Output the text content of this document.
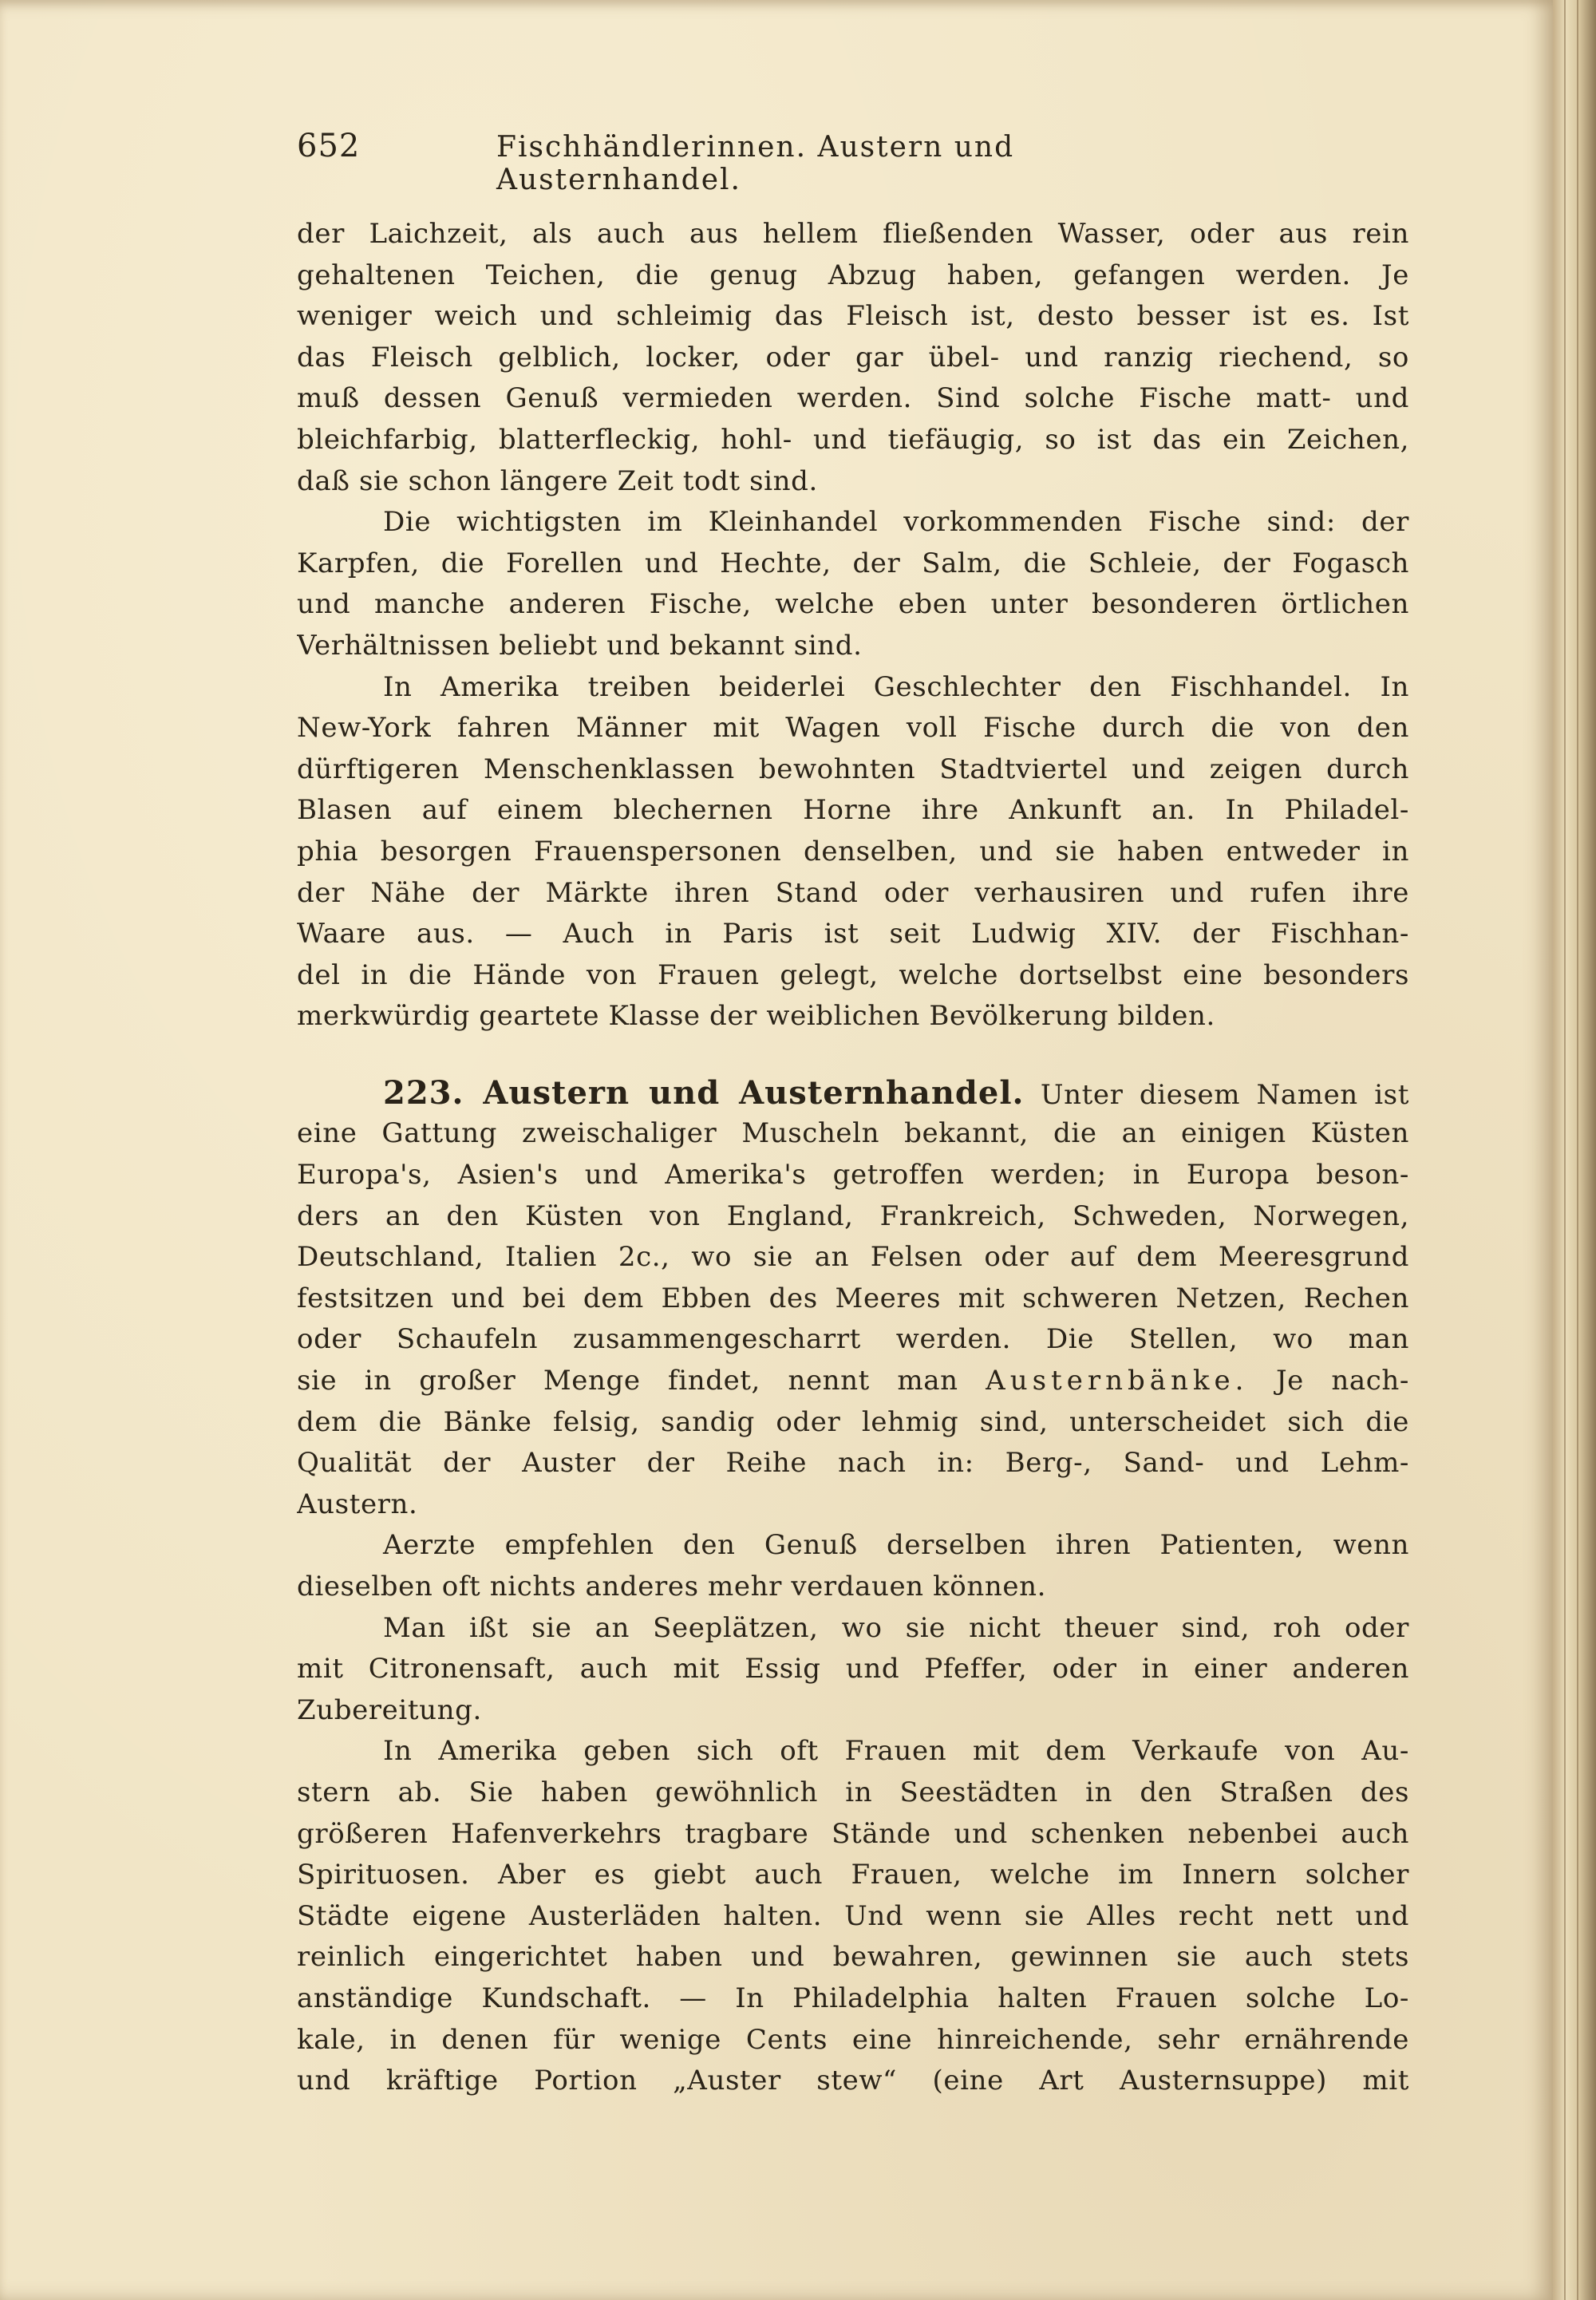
652	Fischhändlerinnen. Austern und Austernhandel.
der Laichzeit, als auch aus hellem fließenden Wasser, oder aus rein
gehaltenen Teichen, die genug Abzug haben, gefangen werden. Je
weniger weich und schleimig das Fleisch ist, desto besser ist es. Ist
das Fleisch gelblich, locker, oder gar übel- und ranzig riechend, so
muß dessen Genuß vermieden werden. Sind solche Fische matt- und
bleichfarbig, blatterfleckig, hohl- und tiefäugig, so ist das ein Zeichen,
daß sie schon längere Zeit todt sind.
Die wichtigsten im Kleinhandel vorkommenden Fische sind: der
Karpfen, die Forellen und Hechte, der Salm, die Schleie, der Fogasch
und manche anderen Fische, welche eben unter besonderen örtlichen
Verhältnissen beliebt und bekannt sind.
In Amerika treiben beiderlei Geschlechter den Fischhandel. In
New-York fahren Männer mit Wagen voll Fische durch die von den
dürftigeren Menschenklassen bewohnten Stadtviertel und zeigen durch
Blasen auf einem blechernen Horne ihre Ankunft an. In Philadel-
phia besorgen Frauenspersonen denselben, und sie haben entweder in
der Nähe der Märkte ihren Stand oder verhausiren und rufen ihre
Waare aus. — Auch in Paris ist seit Ludwig XIV. der Fischhan-
del in die Hände von Frauen gelegt, welche dortselbst eine besonders
merkwürdig geartete Klasse der weiblichen Bevölkerung bilden.
223. Austern und Austernhandel. Unter diesem Namen ist
eine Gattung zweischaliger Muscheln bekannt, die an einigen Küsten
Europa's, Asien's und Amerika's getroffen werden; in Europa beson-
ders an den Küsten von England, Frankreich, Schweden, Norwegen,
Deutschland, Italien 2c., wo sie an Felsen oder auf dem Meeresgrund
festsitzen und bei dem Ebben des Meeres mit schweren Netzen, Rechen
oder Schaufeln zusammengescharrt werden. Die Stellen, wo man
sie in großer Menge findet, nennt man Austernbänke. Je nach-
dem die Bänke felsig, sandig oder lehmig sind, unterscheidet sich die
Qualität der Auster der Reihe nach in: Berg-, Sand- und Lehm-
Austern.
Aerzte empfehlen den Genuß derselben ihren Patienten, wenn
dieselben oft nichts anderes mehr verdauen können.
Man ißt sie an Seeplätzen, wo sie nicht theuer sind, roh oder
mit Citronensaft, auch mit Essig und Pfeffer, oder in einer anderen
Zubereitung.
In Amerika geben sich oft Frauen mit dem Verkaufe von Au-
stern ab. Sie haben gewöhnlich in Seestädten in den Straßen des
größeren Hafenverkehrs tragbare Stände und schenken nebenbei auch
Spirituosen. Aber es giebt auch Frauen, welche im Innern solcher
Städte eigene Austerläden halten. Und wenn sie Alles recht nett und
reinlich eingerichtet haben und bewahren, gewinnen sie auch stets
anständige Kundschaft. — In Philadelphia halten Frauen solche Lo-
kale, in denen für wenige Cents eine hinreichende, sehr ernährende
und kräftige Portion „Auster stew“ (eine Art Austernsuppe) mit
